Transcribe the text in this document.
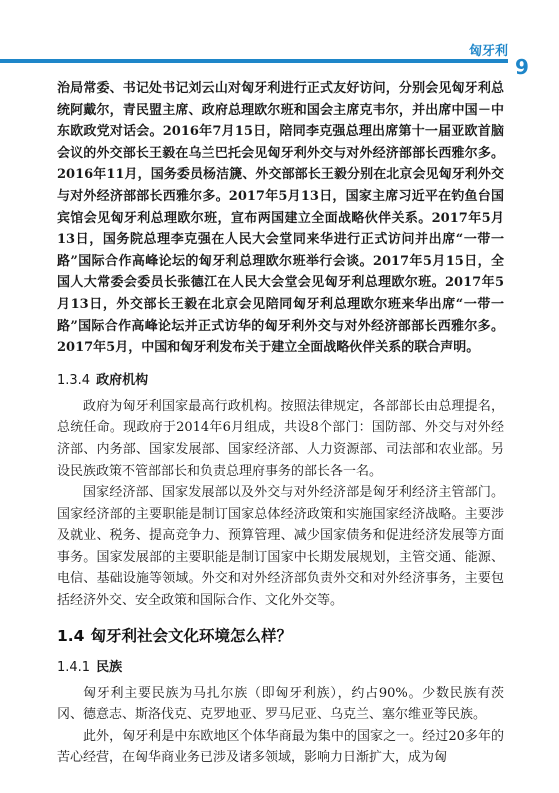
匈牙利
9

治局常委、书记处书记刘云山对匈牙利进行正式友好访问，分别会见匈牙利总统阿戴尔，青民盟主席、政府总理欧尔班和国会主席克韦尔，并出席中国－中东欧政党对话会。2016年7月15日，陪同李克强总理出席第十一届亚欧首脑会议的外交部长王毅在乌兰巴托会见匈牙利外交与对外经济部部长西雅尔多。2016年11月，国务委员杨洁篪、外交部部长王毅分别在北京会见匈牙利外交与对外经济部部长西雅尔多。2017年5月13日，国家主席习近平在钓鱼台国宾馆会见匈牙利总理欧尔班，宣布两国建立全面战略伙伴关系。2017年5月13日，国务院总理李克强在人民大会堂同来华进行正式访问并出席“一带一路”国际合作高峰论坛的匈牙利总理欧尔班举行会谈。2017年5月15日，全国人大常委会委员长张德江在人民大会堂会见匈牙利总理欧尔班。2017年5月13日，外交部长王毅在北京会见陪同匈牙利总理欧尔班来华出席“一带一路”国际合作高峰论坛并正式访华的匈牙利外交与对外经济部部长西雅尔多。2017年5月，中国和匈牙利发布关于建立全面战略伙伴关系的联合声明。

1.3.4 政府机构

政府为匈牙利国家最高行政机构。按照法律规定，各部部长由总理提名，总统任命。现政府于2014年6月组成，共设8个部门：国防部、外交与对外经济部、内务部、国家发展部、国家经济部、人力资源部、司法部和农业部。另设民族政策不管部部长和负责总理府事务的部长各一名。

国家经济部、国家发展部以及外交与对外经济部是匈牙利经济主管部门。国家经济部的主要职能是制订国家总体经济政策和实施国家经济战略。主要涉及就业、税务、提高竞争力、预算管理、减少国家债务和促进经济发展等方面事务。国家发展部的主要职能是制订国家中长期发展规划，主管交通、能源、电信、基础设施等领域。外交和对外经济部负责外交和对外经济事务，主要包括经济外交、安全政策和国际合作、文化外交等。

1.4 匈牙利社会文化环境怎么样？
1.4.1 民族

匈牙利主要民族为马扎尔族（即匈牙利族），约占90%。少数民族有茨冈、德意志、斯洛伐克、克罗地亚、罗马尼亚、乌克兰、塞尔维亚等民族。

此外，匈牙利是中东欧地区个体华商最为集中的国家之一。经过20多年的苦心经营，在匈华商业务已涉及诸多领域，影响力日渐扩大，成为匈
